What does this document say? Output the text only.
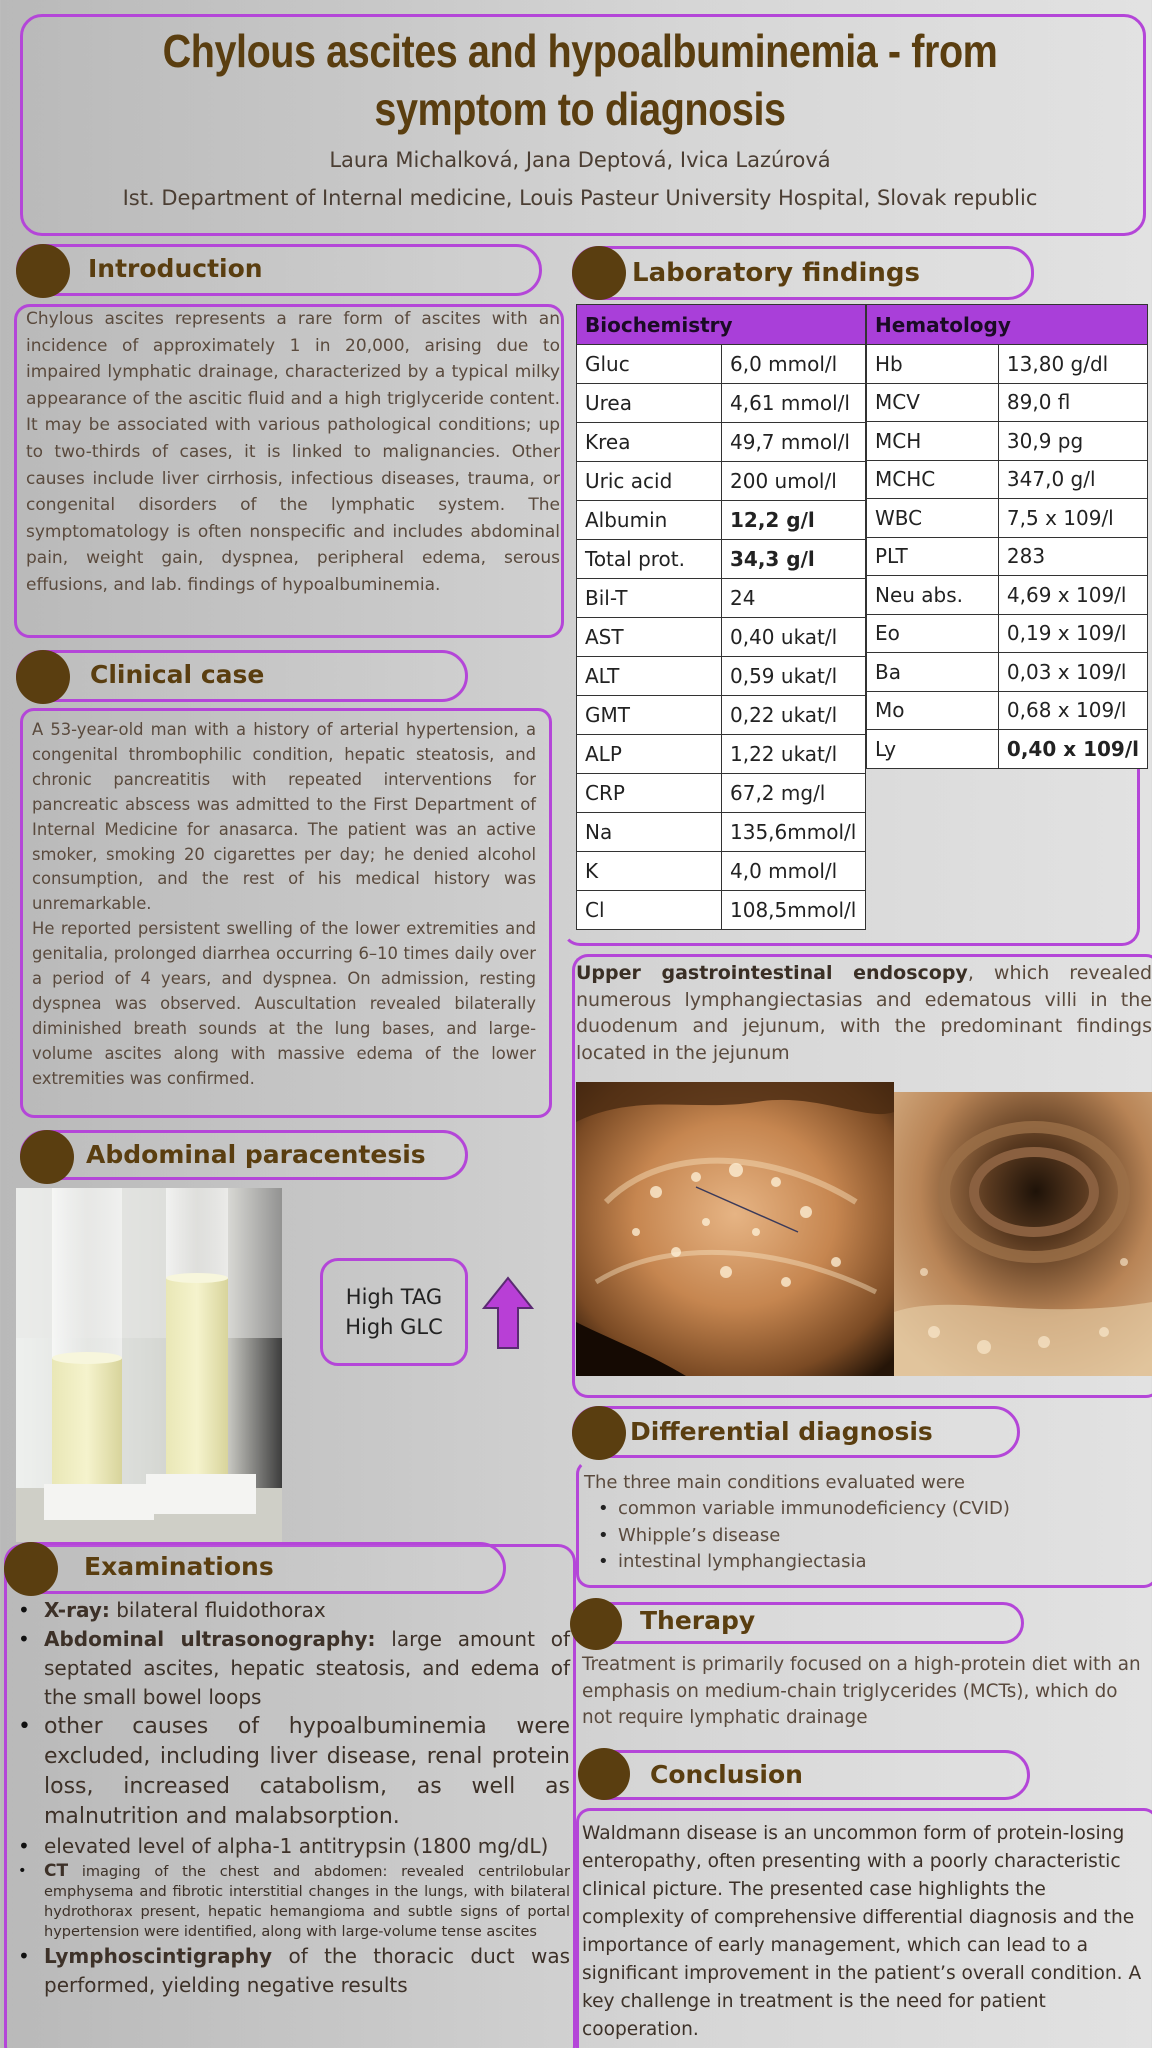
Chylous ascites and hypoalbuminemia - from symptom to diagnosis
Laura Michalková, Jana Deptová, Ivica Lazúrová
Ist. Department of Internal medicine, Louis Pasteur University Hospital, Slovak republic
Introduction

Chylous ascites represents a rare form of ascites with an incidence of approximately 1 in 20,000, arising due to impaired lymphatic drainage, characterized by a typical milky appearance of the ascitic fluid and a high triglyceride content. It may be associated with various pathological conditions; up to two-thirds of cases, it is linked to malignancies. Other causes include liver cirrhosis, infectious diseases, trauma, or congenital disorders of the lymphatic system. The symptomatology is often nonspecific and includes abdominal pain, weight gain, dyspnea, peripheral edema, serous effusions, and lab. findings of hypoalbuminemia.

Clinical case

A 53-year-old man with a history of arterial hypertension, a congenital thrombophilic condition, hepatic steatosis, and chronic pancreatitis with repeated interventions for pancreatic abscess was admitted to the First Department of Internal Medicine for anasarca. The patient was an active smoker, smoking 20 cigarettes per day; he denied alcohol consumption, and the rest of his medical history was unremarkable.

He reported persistent swelling of the lower extremities and genitalia, prolonged diarrhea occurring 6–10 times daily over a period of 4 years, and dyspnea. On admission, resting dyspnea was observed. Auscultation revealed bilaterally diminished breath sounds at the lung bases, and large-volume ascites along with massive edema of the lower extremities was confirmed.

Abdominal paracentesis
High TAG
High GLC
Examinations
• X-ray: bilateral fluidothorax
• Abdominal ultrasonography: large amount of septated ascites, hepatic steatosis, and edema of the small bowel loops
• other causes of hypoalbuminemia were excluded, including liver disease, renal protein loss, increased catabolism, as well as malnutrition and malabsorption.
• elevated level of alpha-1 antitrypsin (1800 mg/dL)
• CT imaging of the chest and abdomen: revealed centrilobular emphysema and fibrotic interstitial changes in the lungs, with bilateral hydrothorax present, hepatic hemangioma and subtle signs of portal hypertension were identified, along with large-volume tense ascites
• Lymphoscintigraphy of the thoracic duct was performed, yielding negative results
Laboratory findings
Biochemistry	
Gluc	6,0 mmol/l
Urea	4,61 mmol/l
Krea	49,7 mmol/l
Uric acid	200 umol/l
Albumin	12,2 g/l
Total prot.	34,3 g/l
Bil-T	24
AST	0,40 ukat/l
ALT	0,59 ukat/l
GMT	0,22 ukat/l
ALP	1,22 ukat/l
CRP	67,2 mg/l
Na	135,6mmol/l
K	4,0 mmol/l
Cl	108,5mmol/l
Hematology	
Hb	13,80 g/dl
MCV	89,0 fl
MCH	30,9 pg
MCHC	347,0 g/l
WBC	7,5 x 109/l
PLT	283
Neu abs.	4,69 x 109/l
Eo	0,19 x 109/l
Ba	0,03 x 109/l
Mo	0,68 x 109/l
Ly	0,40 x 109/l
Upper gastrointestinal endoscopy, which revealed numerous lymphangiectasias and edematous villi in the duodenum and jejunum, with the predominant findings located in the jejunum
Differential diagnosis
The three main conditions evaluated were
• common variable immunodeficiency (CVID)
• Whipple’s disease
• intestinal lymphangiectasia
Therapy
Treatment is primarily focused on a high-protein diet with an emphasis on medium-chain triglycerides (MCTs), which do not require lymphatic drainage
Conclusion
Waldmann disease is an uncommon form of protein-losing enteropathy, often presenting with a poorly characteristic clinical picture. The presented case highlights the complexity of comprehensive differential diagnosis and the importance of early management, which can lead to a significant improvement in the patient’s overall condition. A key challenge in treatment is the need for patient cooperation.
